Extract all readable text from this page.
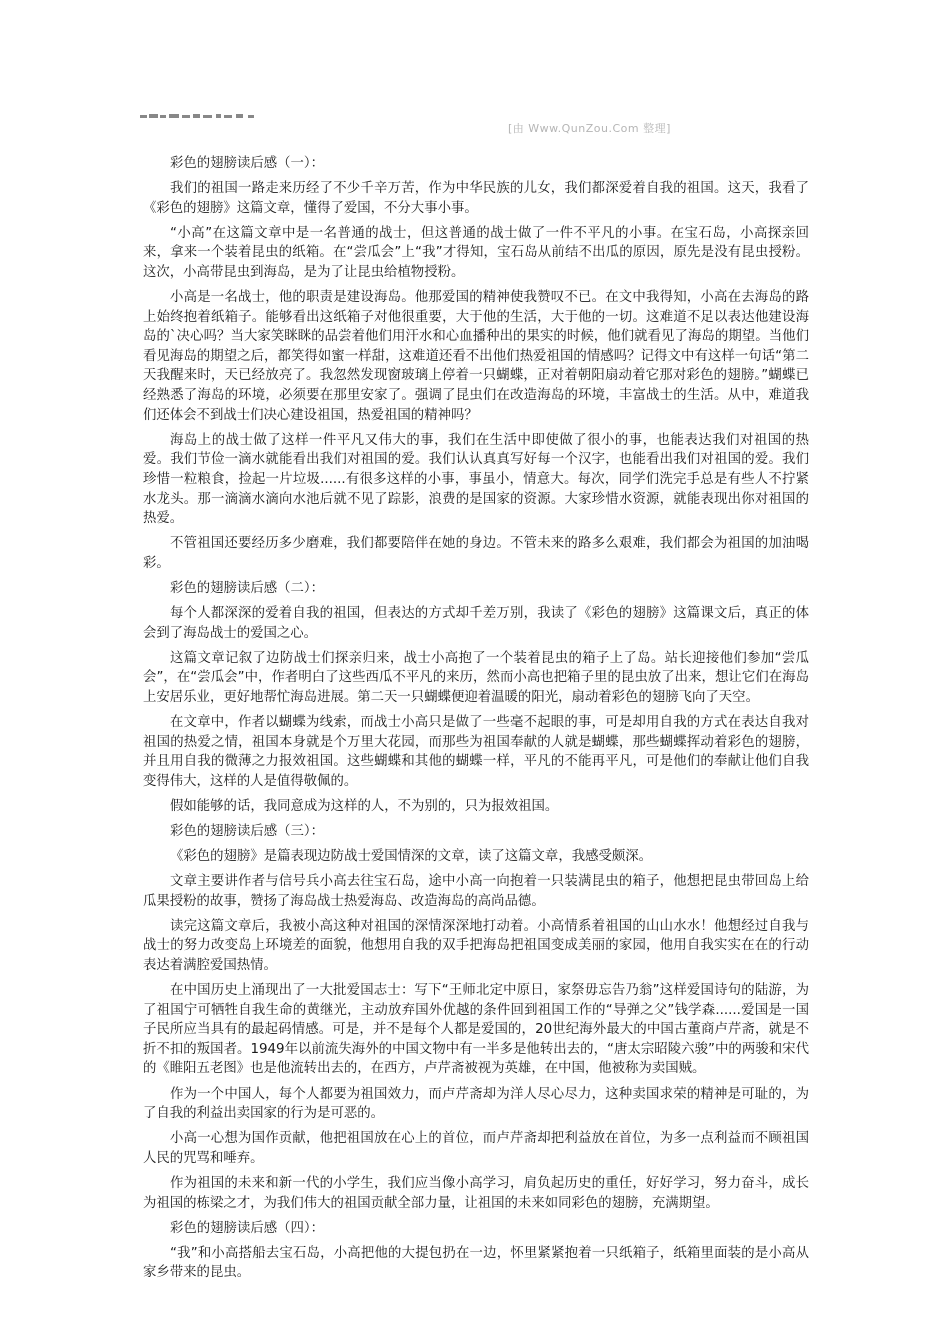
[由 Www.QunZou.Com 整理]

彩色的翅膀读后感（一）：

我们的祖国一路走来历经了不少千辛万苦，作为中华民族的儿女，我们都深爱着自我的祖国。这天，我看了《彩色的翅膀》这篇文章，懂得了爱国，不分大事小事。

“小高”在这篇文章中是一名普通的战士，但这普通的战士做了一件不平凡的小事。在宝石岛，小高探亲回来，拿来一个装着昆虫的纸箱。在“尝瓜会”上“我”才得知，宝石岛从前结不出瓜的原因，原先是没有昆虫授粉。这次，小高带昆虫到海岛，是为了让昆虫给植物授粉。

小高是一名战士，他的职责是建设海岛。他那爱国的精神使我赞叹不已。在文中我得知，小高在去海岛的路上始终抱着纸箱子。能够看出这纸箱子对他很重要，大于他的生活，大于他的一切。这难道不足以表达他建设海岛的`决心吗？当大家笑眯眯的品尝着他们用汗水和心血播种出的果实的时候，他们就看见了海岛的期望。当他们看见海岛的期望之后，都笑得如蜜一样甜，这难道还看不出他们热爱祖国的情感吗？记得文中有这样一句话“第二天我醒来时，天已经放亮了。我忽然发现窗玻璃上停着一只蝴蝶，正对着朝阳扇动着它那对彩色的翅膀。”蝴蝶已经熟悉了海岛的环境，必须要在那里安家了。强调了昆虫们在改造海岛的环境，丰富战士的生活。从中，难道我们还体会不到战士们决心建设祖国，热爱祖国的精神吗？

海岛上的战士做了这样一件平凡又伟大的事，我们在生活中即使做了很小的事，也能表达我们对祖国的热爱。我们节俭一滴水就能看出我们对祖国的爱。我们认认真真写好每一个汉字，也能看出我们对祖国的爱。我们珍惜一粒粮食，捡起一片垃圾......有很多这样的小事，事虽小，情意大。每次，同学们洗完手总是有些人不拧紧水龙头。那一滴滴水滴向水池后就不见了踪影，浪费的是国家的资源。大家珍惜水资源，就能表现出你对祖国的热爱。

不管祖国还要经历多少磨难，我们都要陪伴在她的身边。不管未来的路多么艰难，我们都会为祖国的加油喝彩。

彩色的翅膀读后感（二）：

每个人都深深的爱着自我的祖国，但表达的方式却千差万别，我读了《彩色的翅膀》这篇课文后，真正的体会到了海岛战士的爱国之心。

这篇文章记叙了边防战士们探亲归来，战士小高抱了一个装着昆虫的箱子上了岛。站长迎接他们参加“尝瓜会”，在“尝瓜会”中，作者明白了这些西瓜不平凡的来历，然而小高也把箱子里的昆虫放了出来，想让它们在海岛上安居乐业，更好地帮忙海岛进展。第二天一只蝴蝶便迎着温暖的阳光，扇动着彩色的翅膀飞向了天空。

在文章中，作者以蝴蝶为线索，而战士小高只是做了一些毫不起眼的事，可是却用自我的方式在表达自我对祖国的热爱之情，祖国本身就是个万里大花园，而那些为祖国奉献的人就是蝴蝶，那些蝴蝶挥动着彩色的翅膀，并且用自我的微薄之力报效祖国。这些蝴蝶和其他的蝴蝶一样，平凡的不能再平凡，可是他们的奉献让他们自我变得伟大，这样的人是值得敬佩的。

假如能够的话，我同意成为这样的人，不为别的，只为报效祖国。

彩色的翅膀读后感（三）：

《彩色的翅膀》是篇表现边防战士爱国情深的文章，读了这篇文章，我感受颇深。

文章主要讲作者与信号兵小高去往宝石岛，途中小高一向抱着一只装满昆虫的箱子，他想把昆虫带回岛上给瓜果授粉的故事，赞扬了海岛战士热爱海岛、改造海岛的高尚品德。

读完这篇文章后，我被小高这种对祖国的深情深深地打动着。小高情系着祖国的山山水水！他想经过自我与战士的努力改变岛上环境差的面貌，他想用自我的双手把海岛把祖国变成美丽的家园，他用自我实实在在的行动表达着满腔爱国热情。

在中国历史上涌现出了一大批爱国志士：写下“王师北定中原日，家祭毋忘告乃翁”这样爱国诗句的陆游，为了祖国宁可牺牲自我生命的黄继光，主动放弃国外优越的条件回到祖国工作的“导弹之父”钱学森......爱国是一国子民所应当具有的最起码情感。可是，并不是每个人都是爱国的，20世纪海外最大的中国古董商卢芹斋，就是不折不扣的叛国者。1949年以前流失海外的中国文物中有一半多是他转出去的，“唐太宗昭陵六骏”中的两骏和宋代的《睢阳五老图》也是他流转出去的，在西方，卢芹斋被视为英雄，在中国，他被称为卖国贼。

作为一个中国人，每个人都要为祖国效力，而卢芹斋却为洋人尽心尽力，这种卖国求荣的精神是可耻的，为了自我的利益出卖国家的行为是可恶的。

小高一心想为国作贡献，他把祖国放在心上的首位，而卢芹斋却把利益放在首位，为多一点利益而不顾祖国人民的咒骂和唾弃。

作为祖国的未来和新一代的小学生，我们应当像小高学习，肩负起历史的重任，好好学习，努力奋斗，成长为祖国的栋梁之才，为我们伟大的祖国贡献全部力量，让祖国的未来如同彩色的翅膀，充满期望。

彩色的翅膀读后感（四）：

“我”和小高搭船去宝石岛，小高把他的大提包扔在一边，怀里紧紧抱着一只纸箱子，纸箱里面装的是小高从家乡带来的昆虫。
